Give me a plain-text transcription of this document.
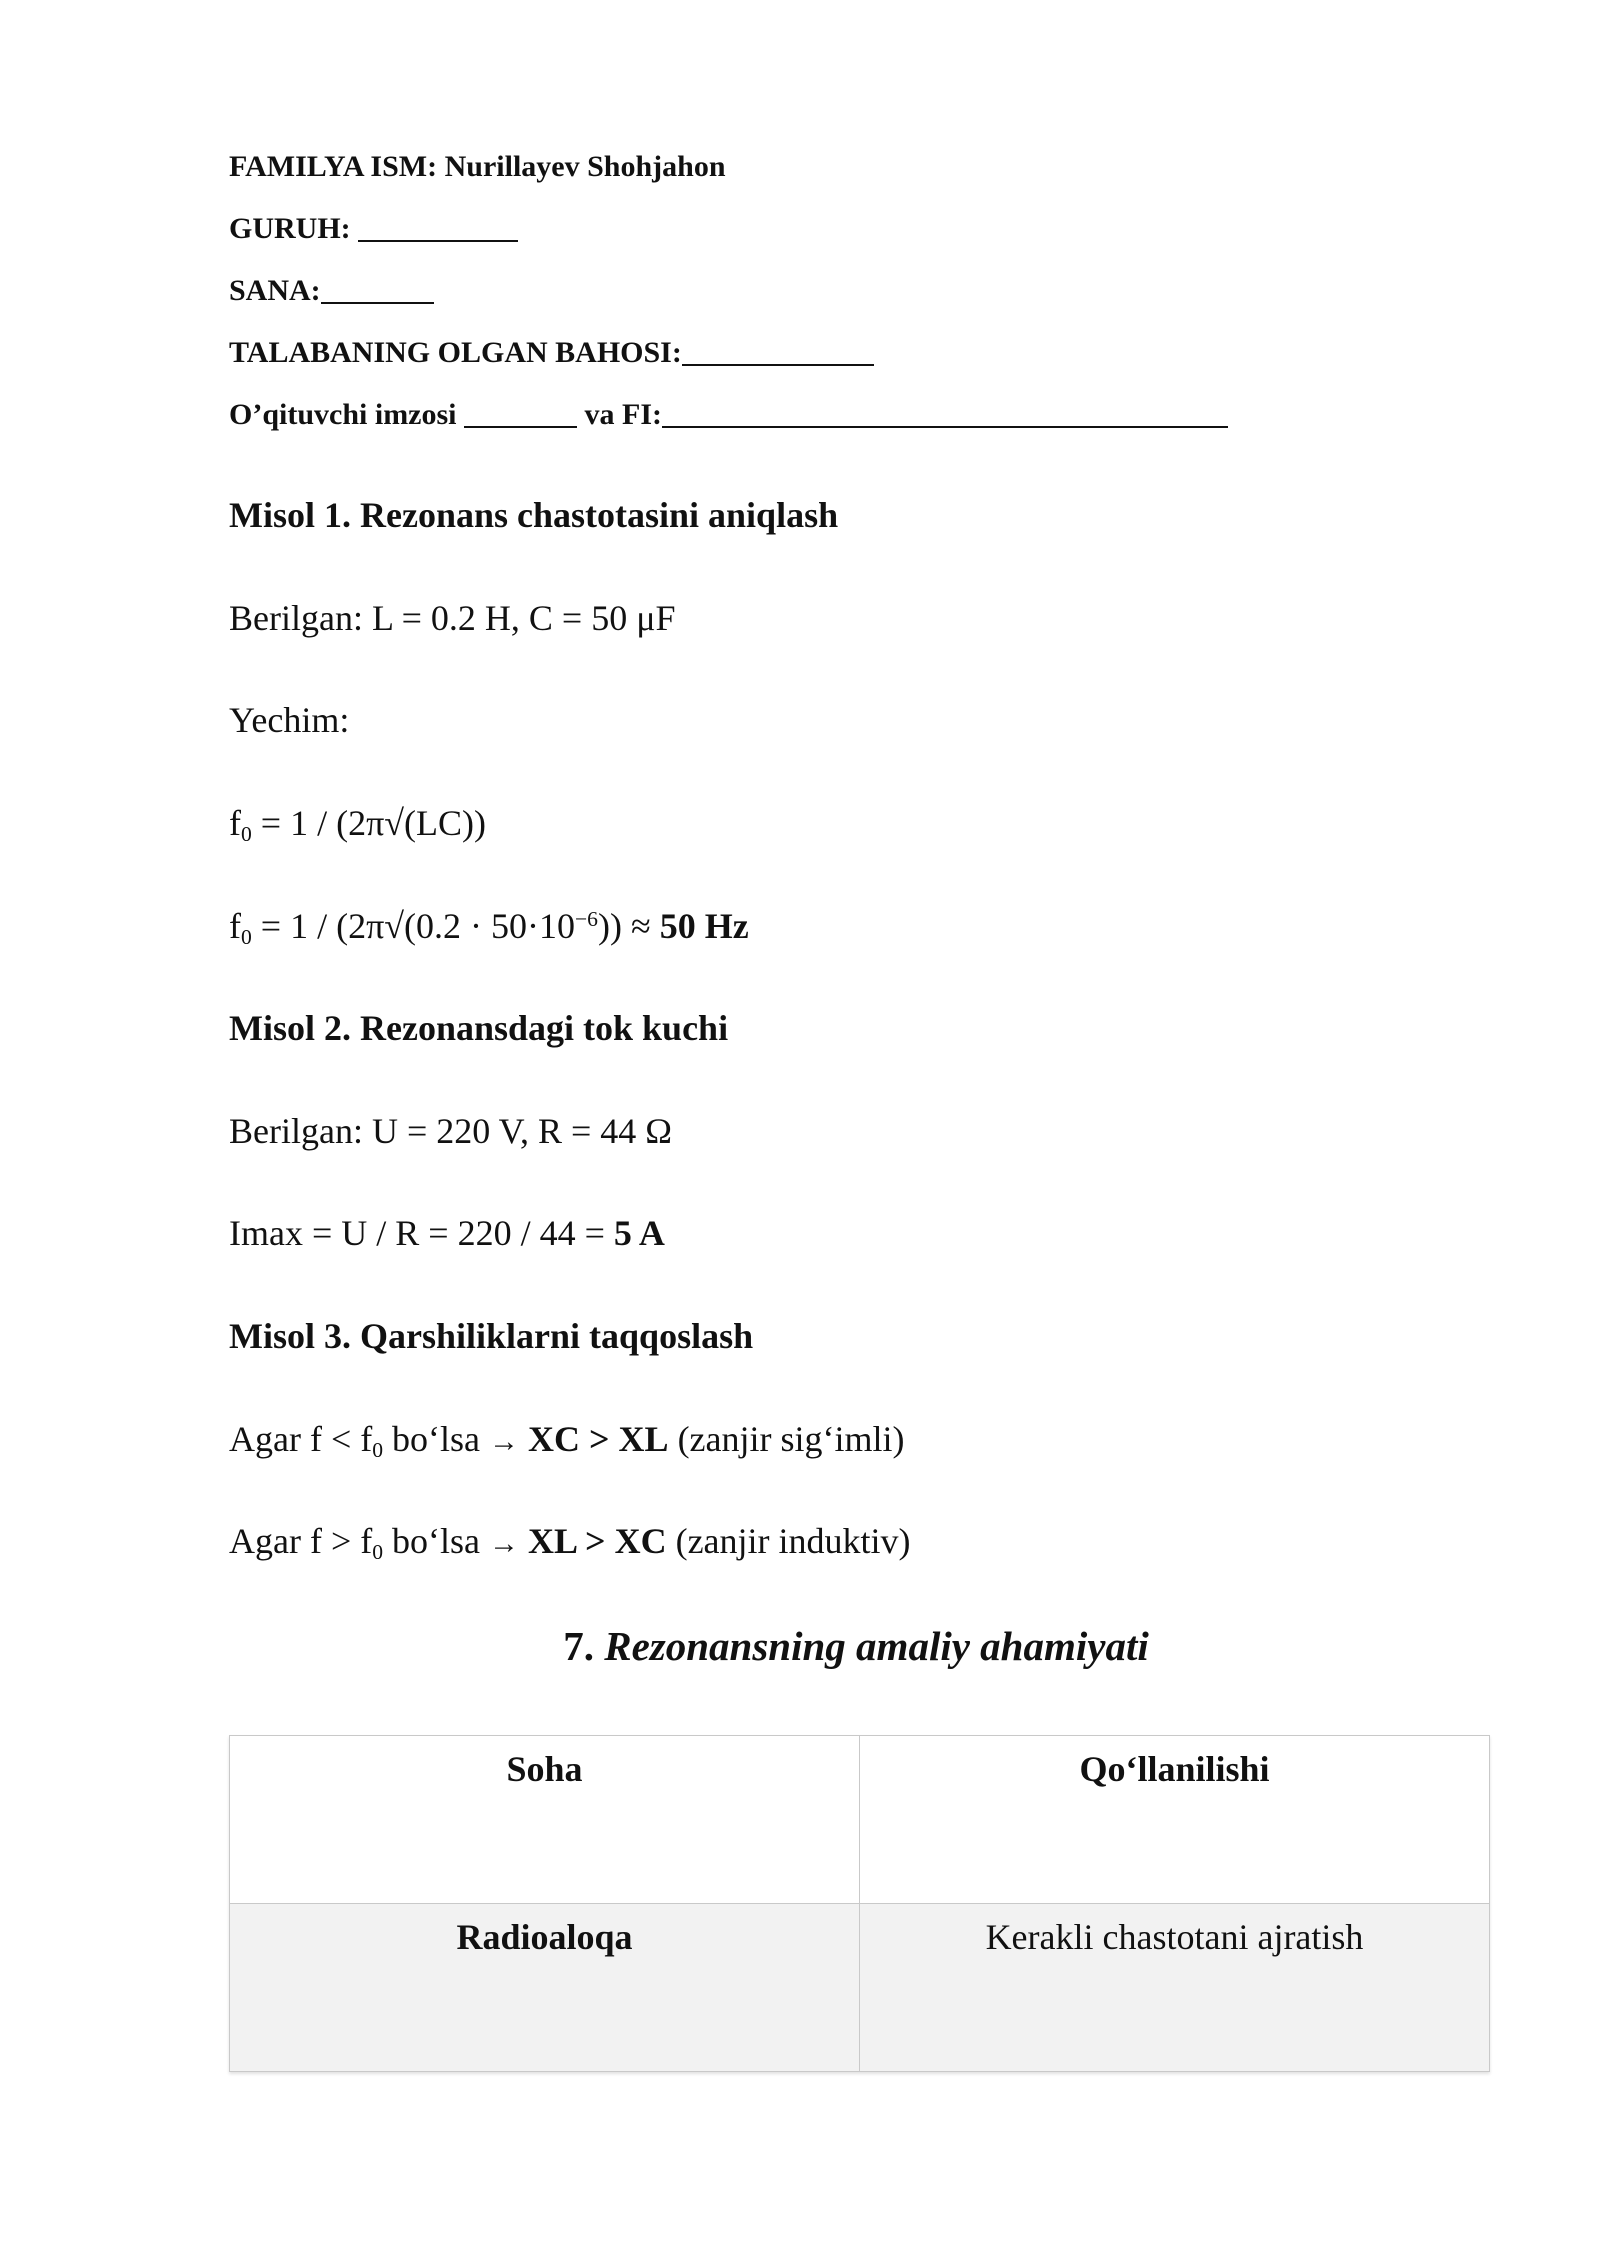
FAMILYA ISM: Nurillayev Shohjahon
GURUH:
SANA:
TALABANING OLGAN BAHOSI:
O’qituvchi imzosi	va FI:
Misol 1. Rezonans chastotasini aniqlash
Berilgan: L = 0.2 H, C = 50 μF
Yechim:
$f_0 = 1 / (2\pi√(LC))$
$f_0 = 1 / (2\pi√(0.2 \cdot 50\cdot 10^{-6})) \approx 50$ Hz
Misol 2. Rezonansdagi tok kuchi
Berilgan: U = 220 V, R = 44 Ω
Imax = U / R = 220 / 44 = 5 A
Misol 3. Qarshiliklarni taqqoslash
Agar $f < f_0$ bo‘lsa → XC > XL (zanjir sig‘imli)
Agar $f > f_0$ bo‘lsa → XL > XC (zanjir induktiv)
7. Rezonansning amaliy ahamiyati
Soha	Qo‘llanilishi
Radioaloqa	Kerakli chastotani ajratish
